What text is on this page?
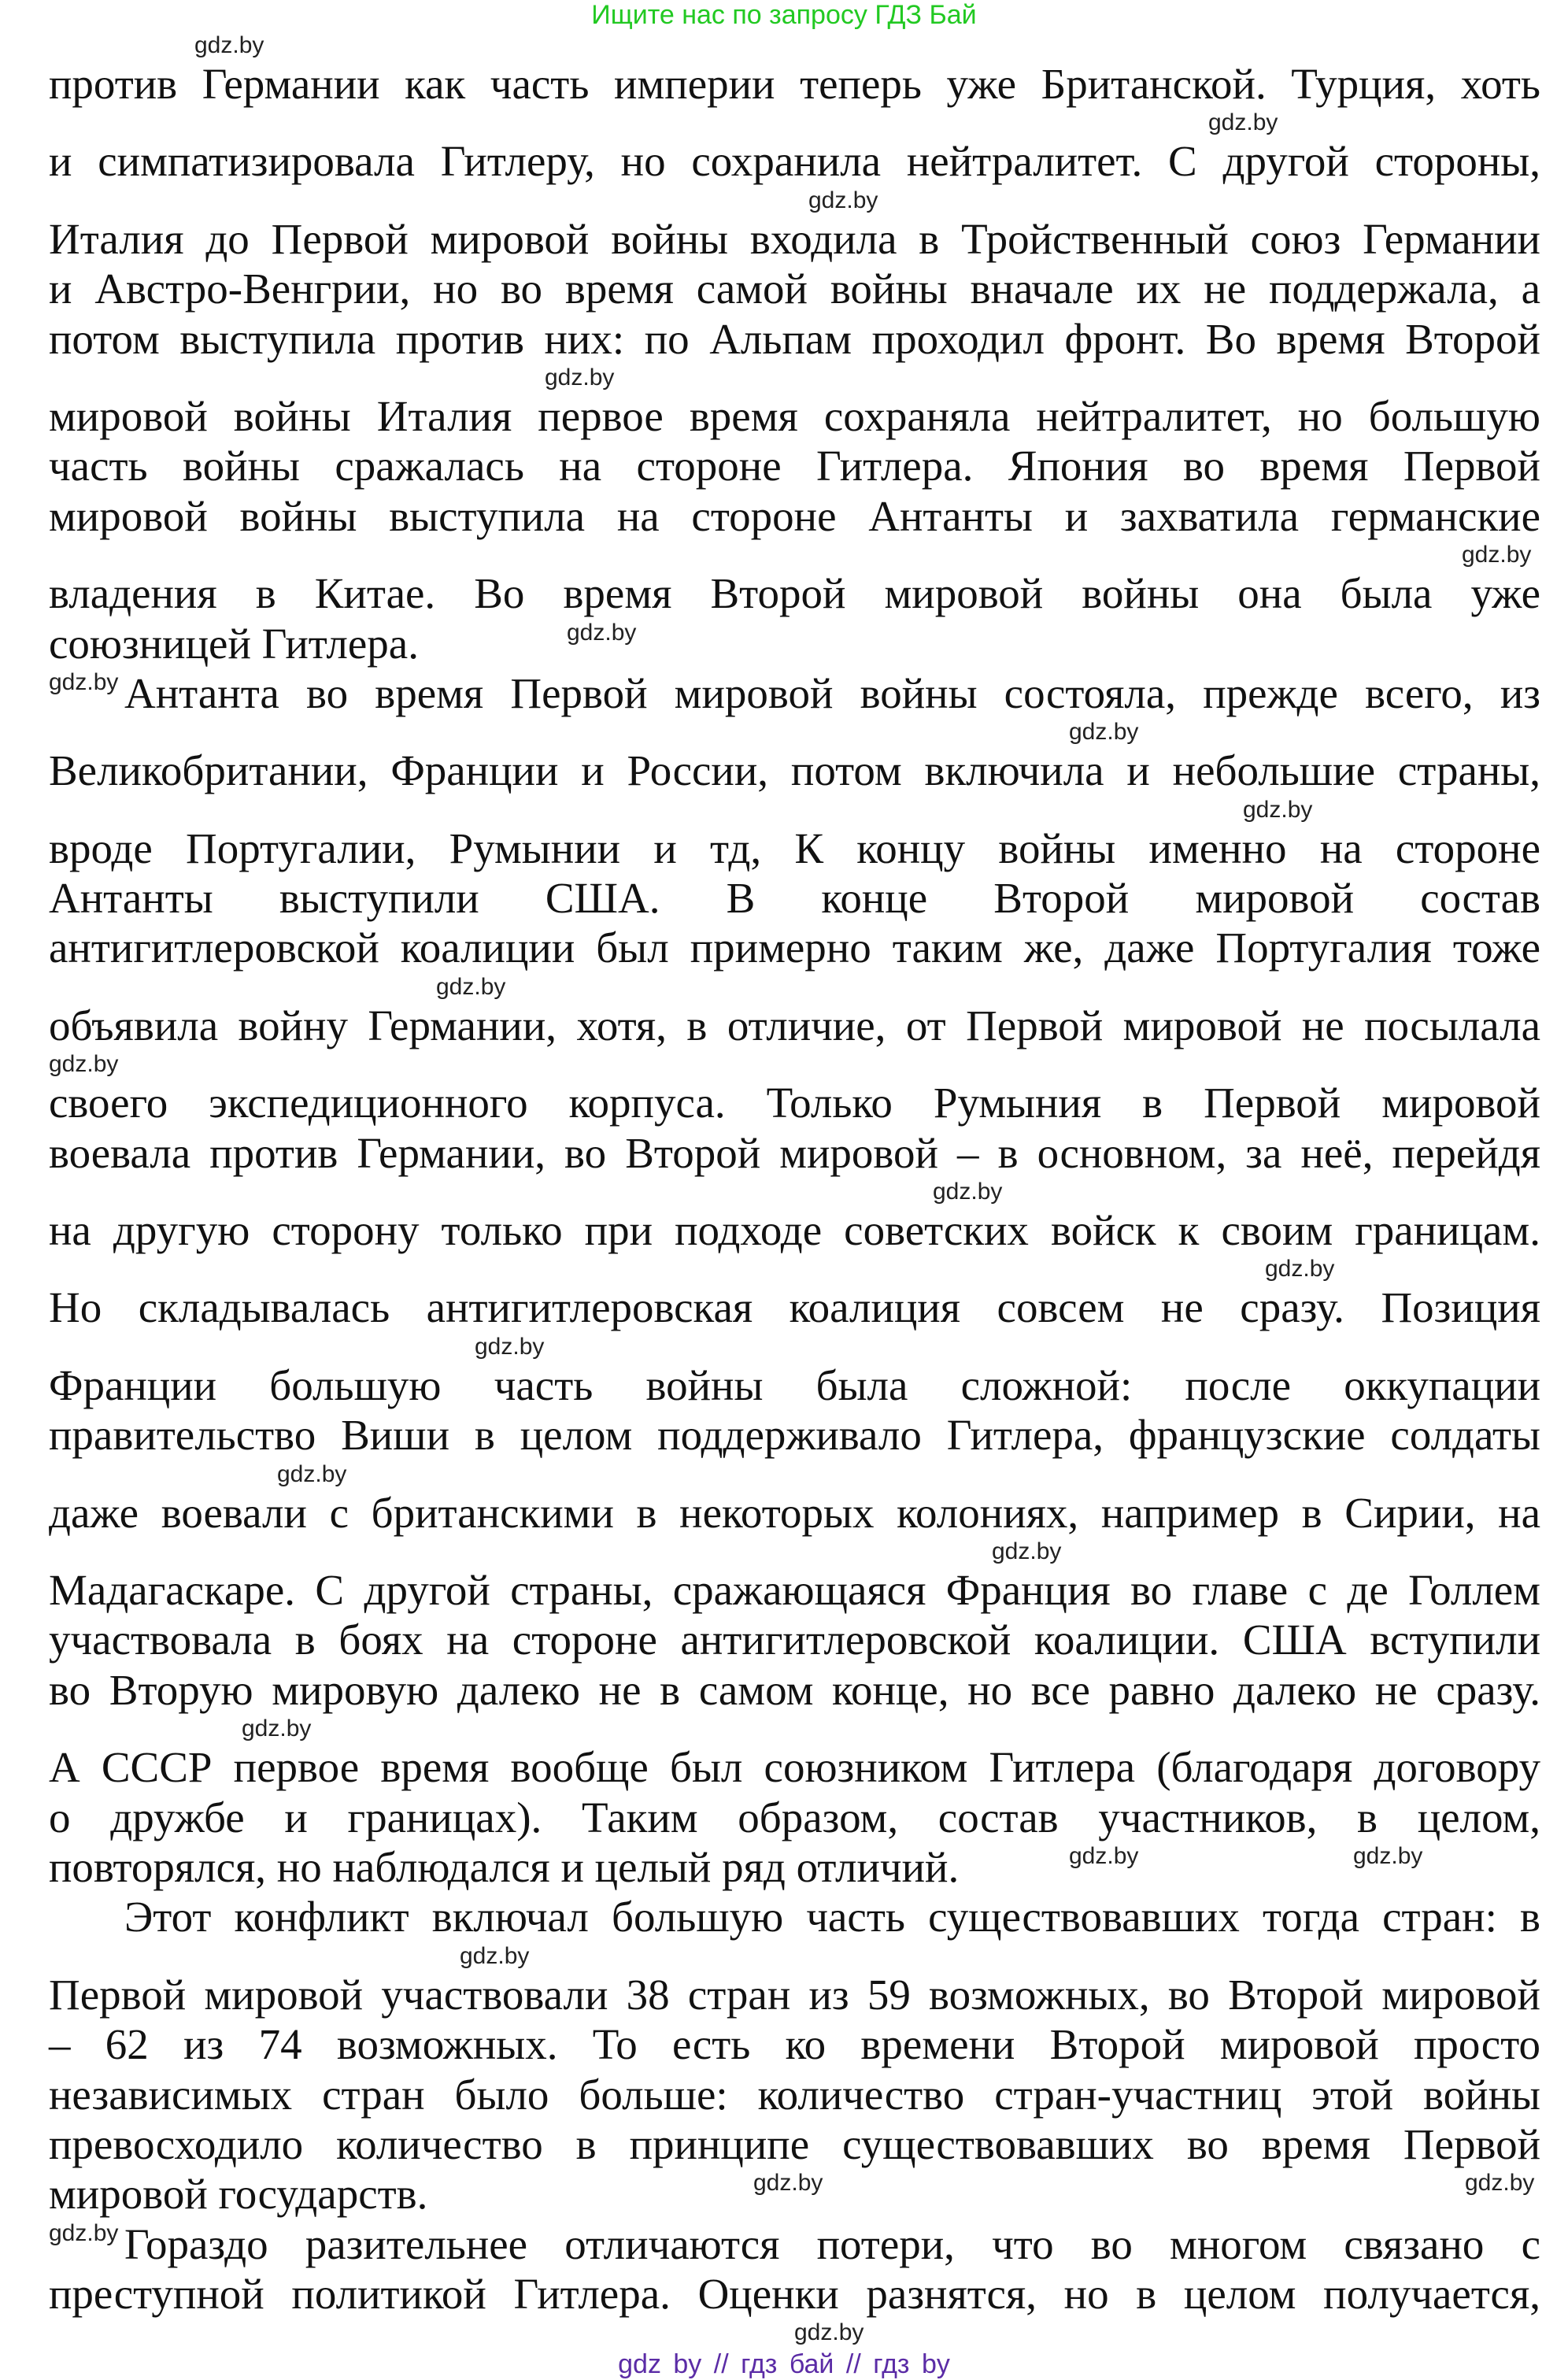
Ищите нас по запросу ГДЗ Бай
gdz.by
против Германии как часть империи теперь уже Британской. Турция, хоть
gdz.by
и симпатизировала Гитлеру, но сохранила нейтралитет. С другой стороны,
gdz.by
Италия до Первой мировой войны входила в Тройственный союз Германии
и Австро-Венгрии, но во время самой войны вначале их не поддержала, а
потом выступила против них: по Альпам проходил фронт. Во время Второй
gdz.by
мировой войны Италия первое время сохраняла нейтралитет, но большую
часть войны сражалась на стороне Гитлера. Япония во время Первой
мировой войны выступила на стороне Антанты и захватила германские
gdz.by
владения в Китае. Во время Второй мировой войны она была уже
союзницей Гитлера.	gdz.by
Антанта во время Первой мировой войны состояла, прежде всего, из
gdz.by
gdz.by
Великобритании, Франции и России, потом включила и небольшие страны,
gdz.by
вроде Португалии, Румынии и тд, К концу войны именно на стороне
Антанты выступили США. В конце Второй мировой состав
антигитлеровской коалиции был примерно таким же, даже Португалия тоже
gdz.by
объявила войну Германии, хотя, в отличие, от Первой мировой не посылала
gdz.by
своего экспедиционного корпуса. Только Румыния в Первой мировой
воевала против Германии, во Второй мировой – в основном, за неё, перейдя
gdz.by
на другую сторону только при подходе советских войск к своим границам.
gdz.by
Но складывалась антигитлеровская коалиция совсем не сразу. Позиция
gdz.by
Франции большую часть войны была сложной: после оккупации
правительство Виши в целом поддерживало Гитлера, французские солдаты
gdz.by
даже воевали с британскими в некоторых колониях, например в Сирии, на
gdz.by
Мадагаскаре. С другой страны, сражающаяся Франция во главе с де Голлем
участвовала в боях на стороне антигитлеровской коалиции. США вступили
во Вторую мировую далеко не в самом конце, но все равно далеко не сразу.
gdz.by
А СССР первое время вообще был союзником Гитлера (благодаря договору
о дружбе и границах). Таким образом, состав участников, в целом,
повторялся, но наблюдался и целый ряд отличий.	gdz.by	gdz.by
Этот конфликт включал большую часть существовавших тогда стран: в
gdz.by
Первой мировой участвовали 38 стран из 59 возможных, во Второй мировой
– 62 из 74 возможных. То есть ко времени Второй мировой просто
независимых стран было больше: количество стран-участниц этой войны
превосходило количество в принципе существовавших во время Первой
мировой государств.	gdz.by	gdz.by
Гораздо разительнее отличаются потери, что во многом связано с
gdz.by
преступной политикой Гитлера. Оценки разнятся, но в целом получается,
gdz.by
gdz by // гдз бай // гдз by
